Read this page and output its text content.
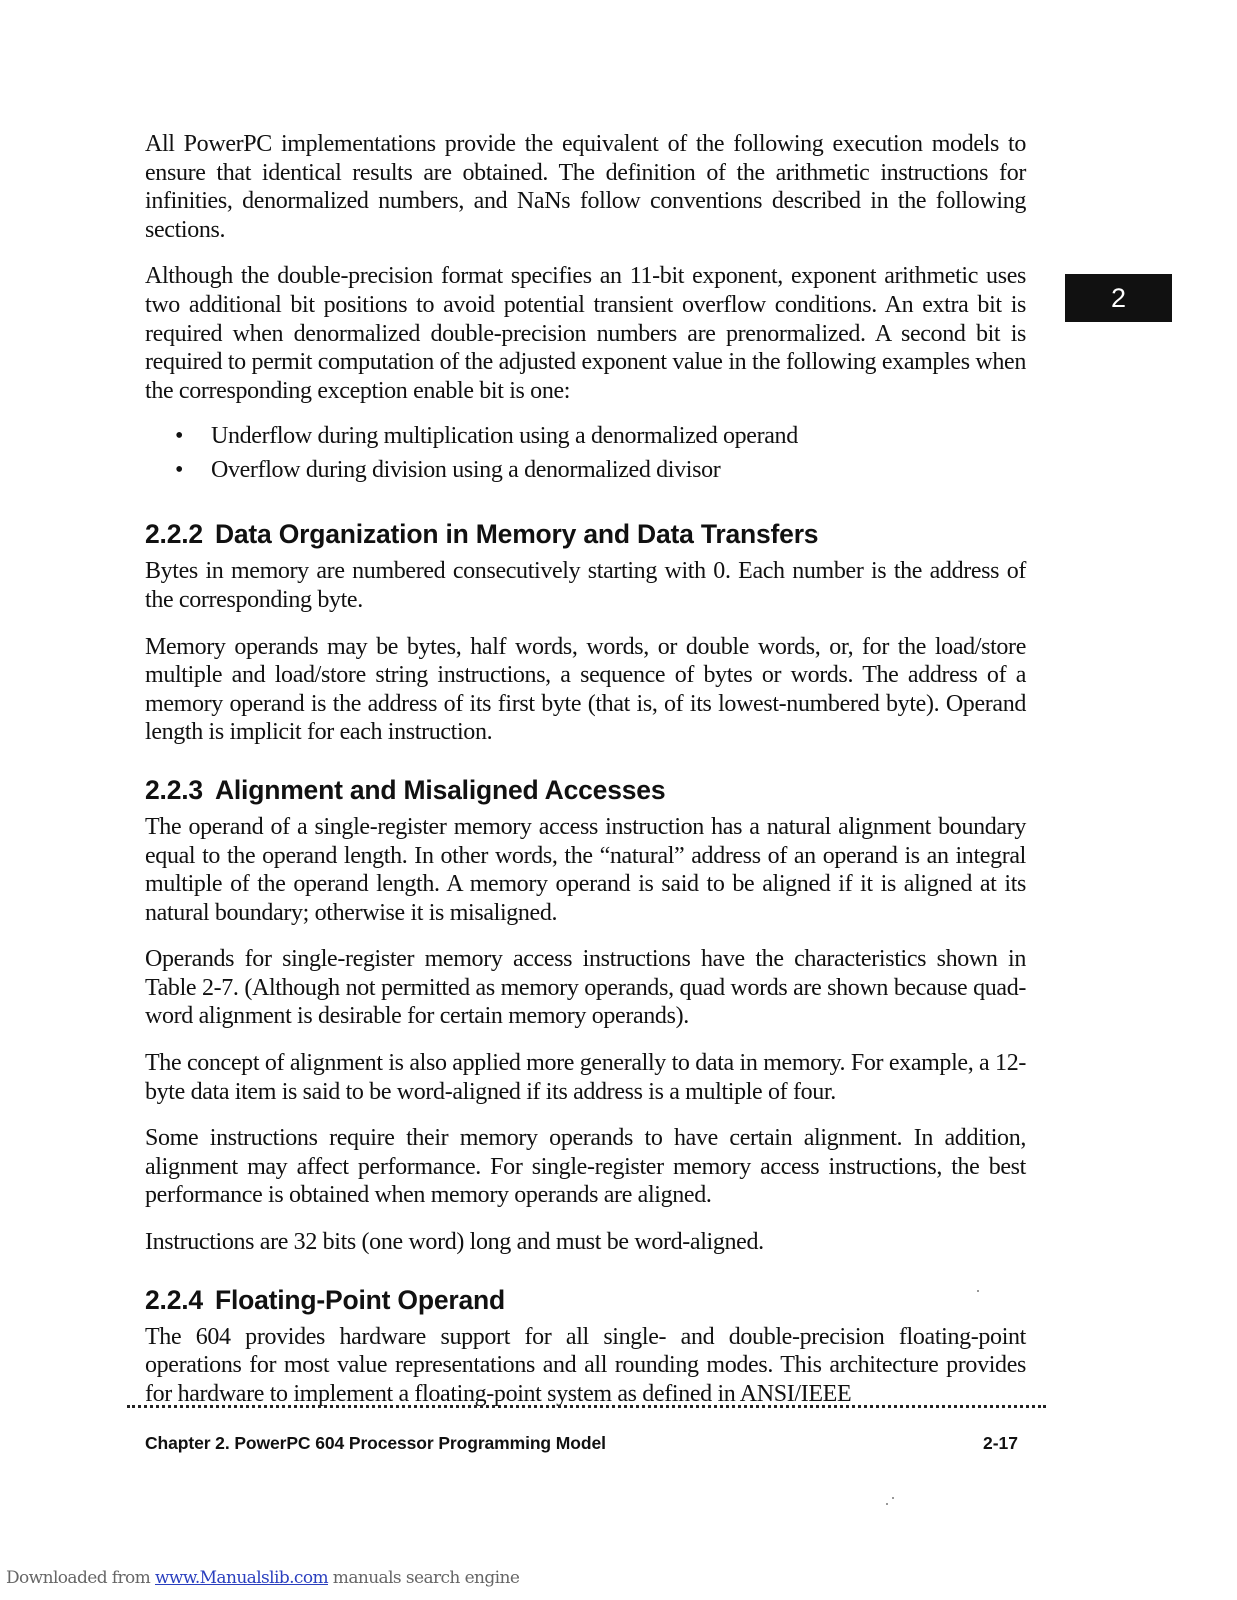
All PowerPC implementations provide the equivalent of the following execution models to ensure that identical results are obtained. The definition of the arithmetic instructions for infinities, denormalized numbers, and NaNs follow conventions described in the following sections.

Although the double-precision format specifies an 11-bit exponent, exponent arithmetic uses two additional bit positions to avoid potential transient overflow conditions. An extra bit is required when denormalized double-precision numbers are prenormalized. A second bit is required to permit computation of the adjusted exponent value in the following examples when the corresponding exception enable bit is one:

• Underflow during multiplication using a denormalized operand
• Overflow during division using a denormalized divisor
2.2.2 Data Organization in Memory and Data Transfers

Bytes in memory are numbered consecutively starting with 0. Each number is the address of the corresponding byte.

Memory operands may be bytes, half words, words, or double words, or, for the load/store multiple and load/store string instructions, a sequence of bytes or words. The address of a memory operand is the address of its first byte (that is, of its lowest-numbered byte). Operand length is implicit for each instruction.

2.2.3 Alignment and Misaligned Accesses

The operand of a single-register memory access instruction has a natural alignment boundary equal to the operand length. In other words, the “natural” address of an operand is an integral multiple of the operand length. A memory operand is said to be aligned if it is aligned at its natural boundary; otherwise it is misaligned.

Operands for single-register memory access instructions have the characteristics shown in Table 2-7. (Although not permitted as memory operands, quad words are shown because quad-word alignment is desirable for certain memory operands).

The concept of alignment is also applied more generally to data in memory. For example, a 12-byte data item is said to be word-aligned if its address is a multiple of four.

Some instructions require their memory operands to have certain alignment. In addition, alignment may affect performance. For single-register memory access instructions, the best performance is obtained when memory operands are aligned.

Instructions are 32 bits (one word) long and must be word-aligned.

2.2.4 Floating-Point Operand

The 604 provides hardware support for all single- and double-precision floating-point operations for most value representations and all rounding modes. This architecture provides for hardware to implement a floating-point system as defined in ANSI/IEEE

2
Chapter 2. PowerPC 604 Processor Programming Model	2-17
Downloaded from www.Manualslib.com manuals search engine
